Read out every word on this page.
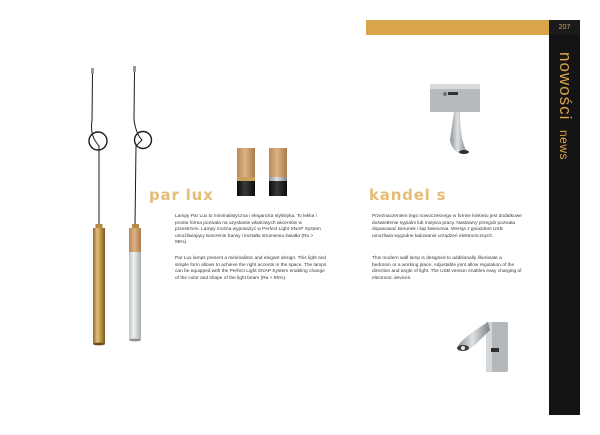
207
nowości
news
par lux	kandel s
Lampy Par Lux to minimalistyczna i elegancka stylistyka. To lekka i prosta forma pozwala na uzyskanie właściwych akcentów w przestrzeni. Lampy można wyposażyć w Perfect Light SNAP System umożliwiający tworzenie barwy i kształtu strumienia światła (Ra > 95%).
Par Lux lamps present a minimalistic and elegant design. This light and simple form allows to achieve the right accents in the space. The lamps can be equipped with the Perfect Light SNAP System enabling change of the color and shape of the light beam (Ra > 95%).
Przeznaczeniem tego nowoczesnego w formie kinkietu jest dodatkowe doświetlenie sypialni lub miejsca pracy. Nastawny przegub pozwala dopasować kierunek i kąt świecenia. Wersja z gniazdem USB umożliwia wygodne ładowanie urządzeń elektronicznych.
This modern wall lamp is designed to additionally illuminate a bedroom or a working place. Adjustable joint allow regulation of the direction and angle of light. The USB version enables easy charging of electronic devices.
